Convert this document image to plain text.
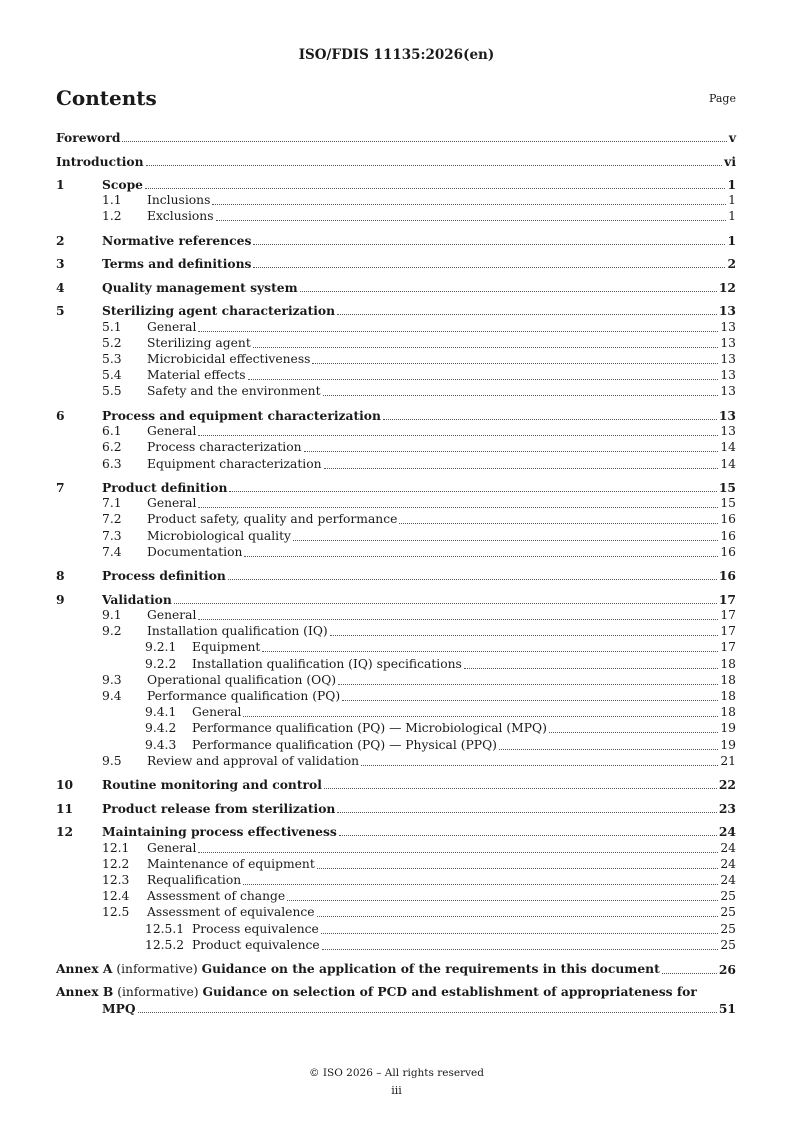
ISO/FDIS 11135:2026(en)
Contents	Page
Foreword	v
Introduction	vi
1	Scope	1
1.1 Inclusions	1
1.2 Exclusions	1
2	Normative references	1
3	Terms and definitions	2
4	Quality management system	12
5	Sterilizing agent characterization	13
5.1 General	13
5.2 Sterilizing agent	13
5.3 Microbicidal effectiveness	13
5.4 Material effects	13
5.5 Safety and the environment	13
6	Process and equipment characterization	13
6.1 General	13
6.2 Process characterization	14
6.3 Equipment characterization	14
7	Product definition	15
7.1 General	15
7.2 Product safety, quality and performance	16
7.3 Microbiological quality	16
7.4 Documentation	16
8	Process definition	16
9	Validation	17
9.1 General	17
9.2 Installation qualification (IQ)	17
9.2.1 Equipment	17
9.2.2 Installation qualification (IQ) specifications	18
9.3 Operational qualification (OQ)	18
9.4 Performance qualification (PQ)	18
9.4.1 General	18
9.4.2 Performance qualification (PQ) — Microbiological (MPQ)	19
9.4.3 Performance qualification (PQ) — Physical (PPQ)	19
9.5 Review and approval of validation	21
10 Routine monitoring and control	22
11 Product release from sterilization	23
12 Maintaining process effectiveness	24
12.1 General	24
12.2 Maintenance of equipment	24
12.3 Requalification	24
12.4 Assessment of change	25
12.5 Assessment of equivalence	25
12.5.1 Process equivalence	25
12.5.2 Product equivalence	25
Annex A (informative) Guidance on the application of the requirements in this document	26
Annex B (informative) Guidance on selection of PCD and establishment of appropriateness for
MPQ	51
© ISO 2026 – All rights reserved
iii
